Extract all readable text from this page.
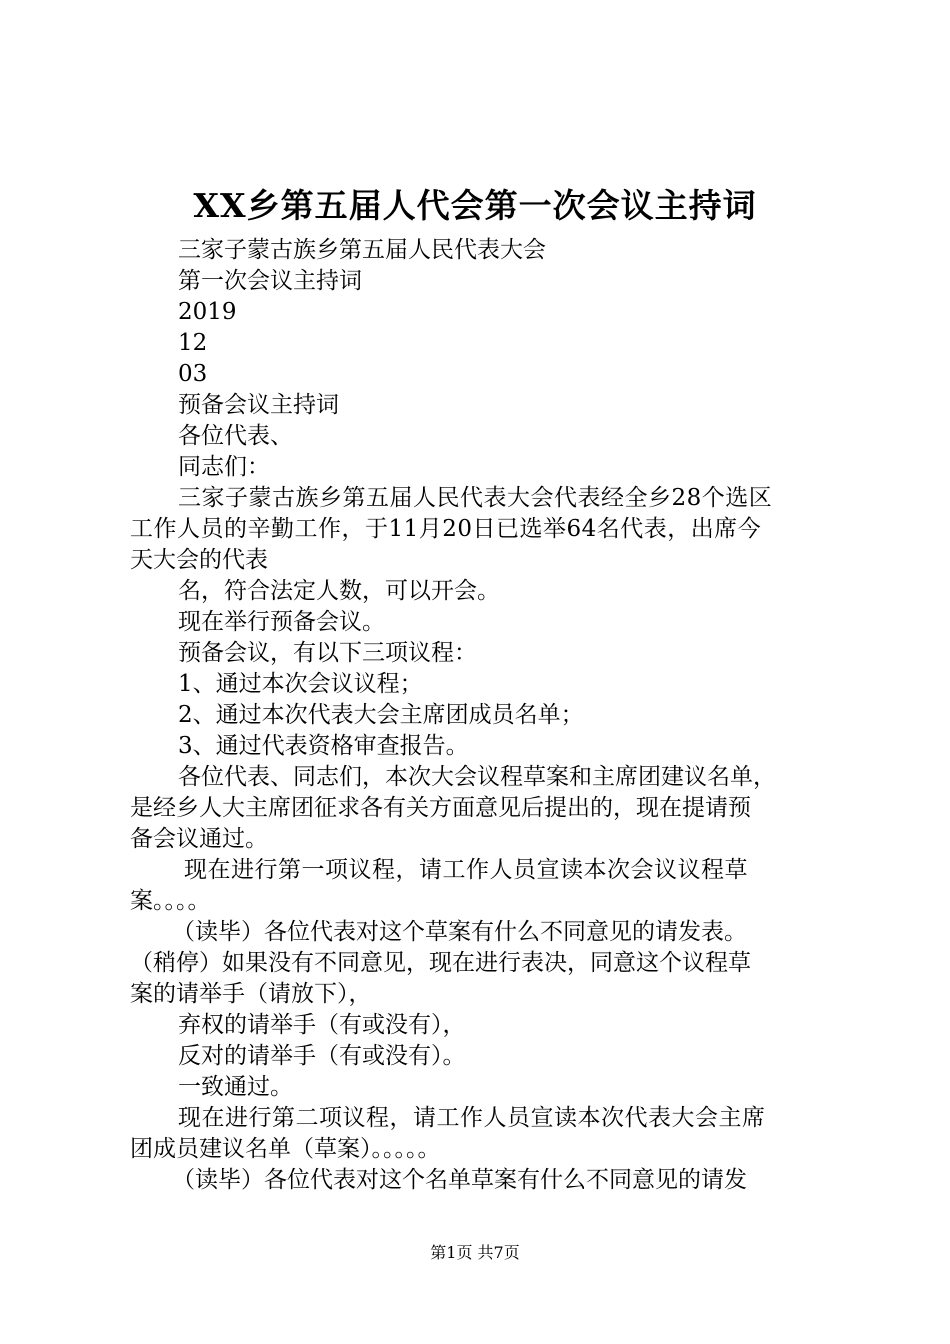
XX乡第五届人代会第一次会议主持词

三家子蒙古族乡第五届人民代表大会

第一次会议主持词

2019

12

03

预备会议主持词

各位代表、

同志们：

三家子蒙古族乡第五届人民代表大会代表经全乡28个选区

工作人员的辛勤工作，于11月20日已选举64名代表，出席今

天大会的代表

名，符合法定人数，可以开会。

现在举行预备会议。

预备会议，有以下三项议程：

1、通过本次会议议程；

2、通过本次代表大会主席团成员名单；

3、通过代表资格审查报告。

各位代表、同志们，本次大会议程草案和主席团建议名单，

是经乡人大主席团征求各有关方面意见后提出的，现在提请预

备会议通过。

现在进行第一项议程，请工作人员宣读本次会议议程草

案。。。。

（读毕）各位代表对这个草案有什么不同意见的请发表。

（稍停）如果没有不同意见，现在进行表决，同意这个议程草

案的请举手（请放下），

弃权的请举手（有或没有），

反对的请举手（有或没有）。

一致通过。

现在进行第二项议程，请工作人员宣读本次代表大会主席

团成员建议名单（草案）。。。。。

（读毕）各位代表对这个名单草案有什么不同意见的请发

第1页 共7页
